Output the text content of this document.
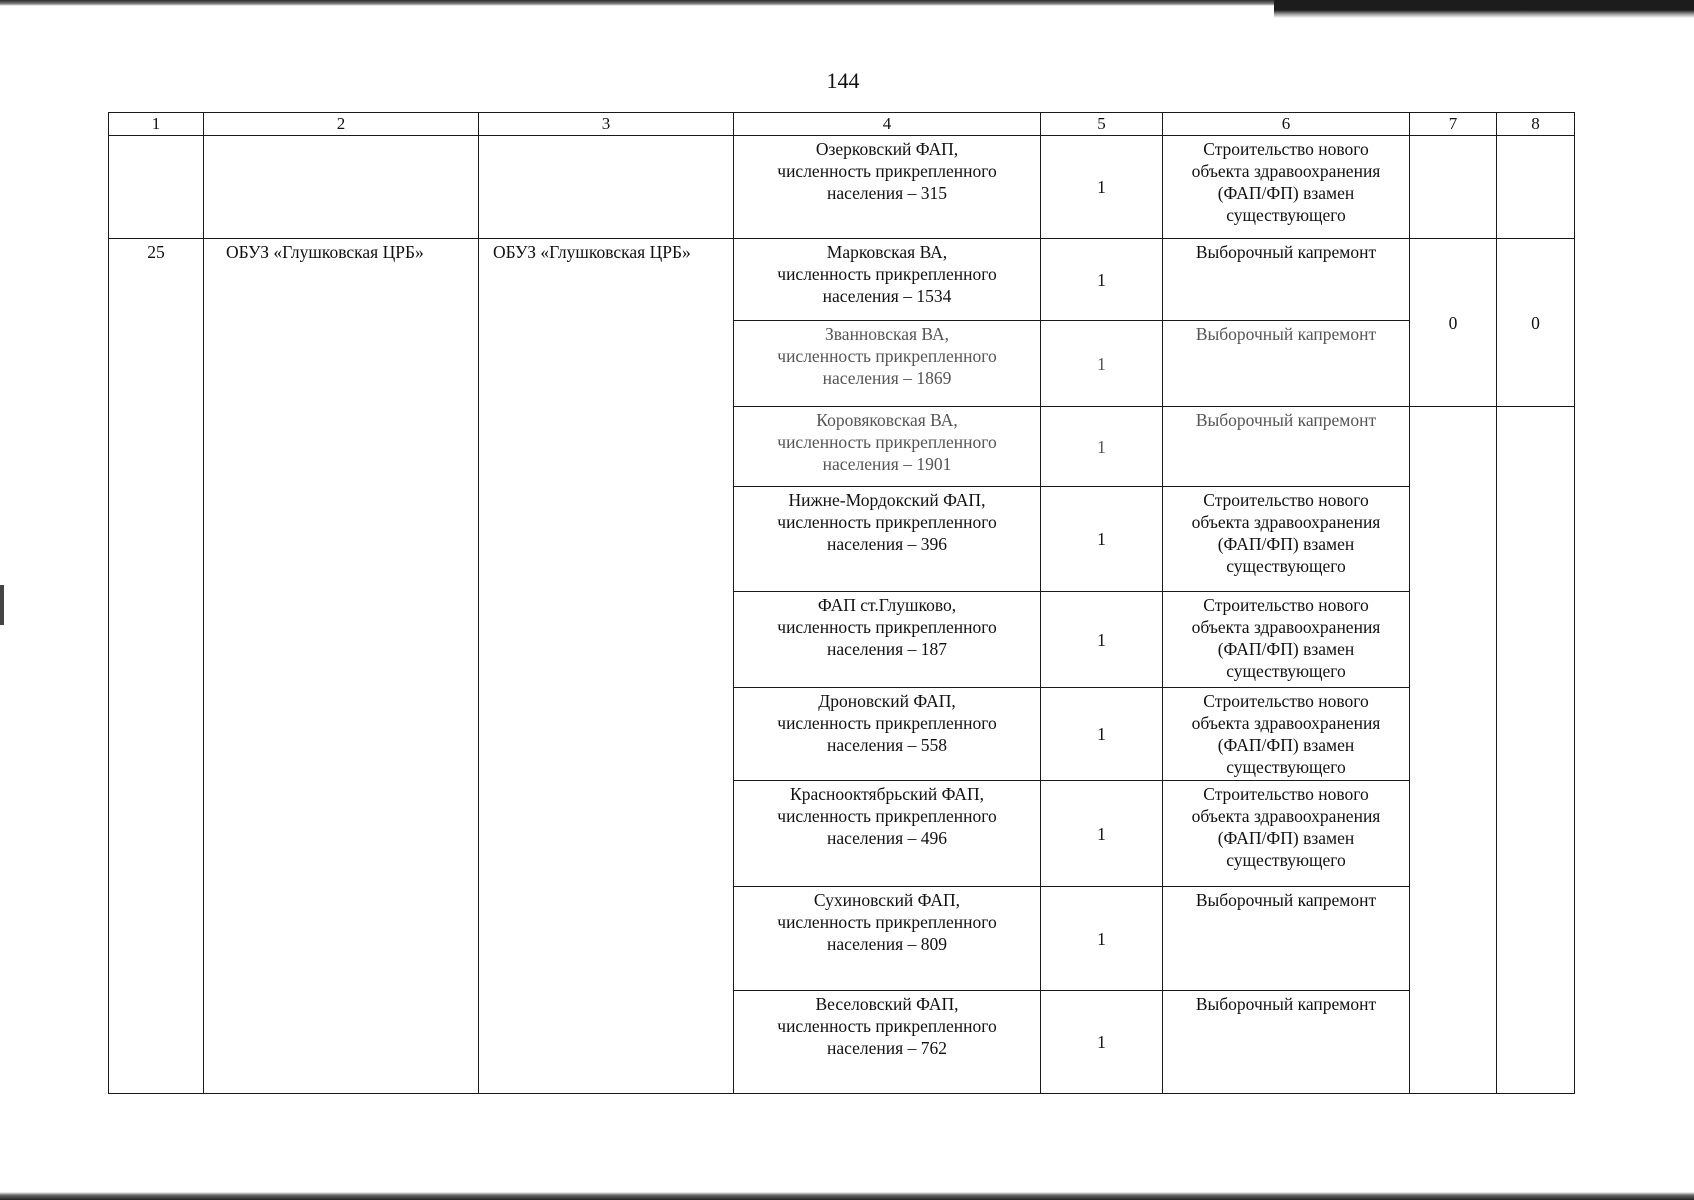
144
1	2	3	4	5	6	7	8
			Озерковский ФАП,
численность прикрепленного
населения – 315	1	Строительство нового
объекта здравоохранения
(ФАП/ФП) взамен
существующего		
25	ОБУЗ «Глушковская ЦРБ»	ОБУЗ «Глушковская ЦРБ»	Марковская ВА,
численность прикрепленного
населения – 1534	1	Выборочный капремонт	0	0
			Званновская ВА,
численность прикрепленного
населения – 1869	1	Выборочный капремонт		
			Коровяковская ВА,
численность прикрепленного
населения – 1901	1	Выборочный капремонт		
			Нижне-Мордокский ФАП,
численность прикрепленного
населения – 396	1	Строительство нового
объекта здравоохранения
(ФАП/ФП) взамен
существующего		
			ФАП ст.Глушково,
численность прикрепленного
населения – 187	1	Строительство нового
объекта здравоохранения
(ФАП/ФП) взамен
существующего		
			Дроновский ФАП,
численность прикрепленного
населения – 558	1	Строительство нового
объекта здравоохранения
(ФАП/ФП) взамен
существующего		
			Краснооктябрьский ФАП,
численность прикрепленного
населения – 496	1	Строительство нового
объекта здравоохранения
(ФАП/ФП) взамен
существующего		
			Сухиновский ФАП,
численность прикрепленного
населения – 809	1	Выборочный капремонт		
			Веселовский ФАП,
численность прикрепленного
населения – 762	1	Выборочный капремонт		
